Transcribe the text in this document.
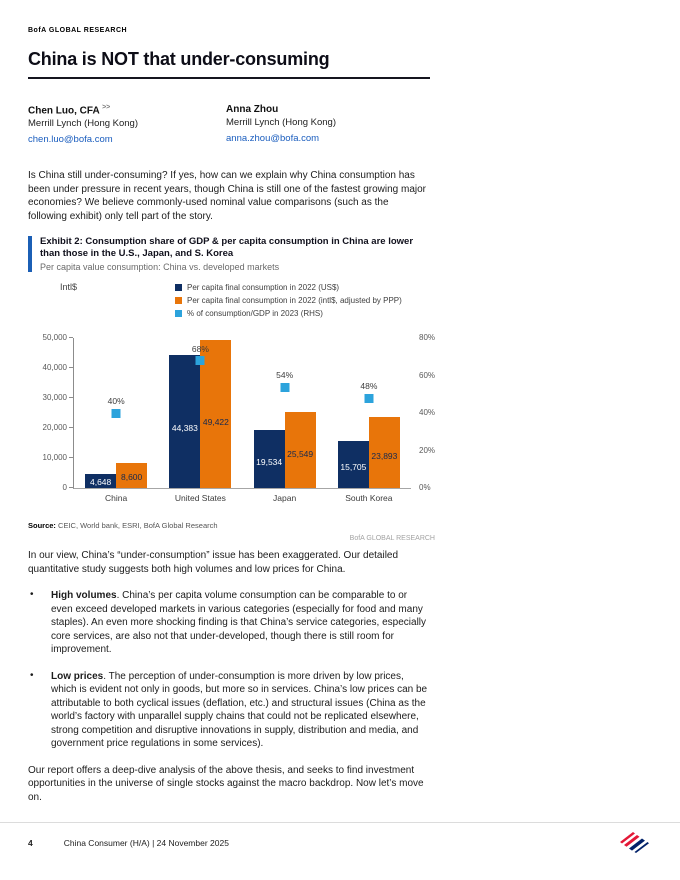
BofA GLOBAL RESEARCH
China is NOT that under-consuming
Chen Luo, CFA >>
Merrill Lynch (Hong Kong)
chen.luo@bofa.com
Anna Zhou
Merrill Lynch (Hong Kong)
anna.zhou@bofa.com

Is China still under-consuming? If yes, how can we explain why China consumption has been under pressure in recent years, though China is still one of the fastest growing major economies? We believe commonly-used nominal value comparisons (such as the following exhibit) only tell part of the story.

Exhibit 2: Consumption share of GDP & per capita consumption in China are lower than those in the U.S., Japan, and S. Korea
Per capita value consumption: China vs. developed markets
Intl$	Per capita final consumption in 2022 (US$)
Per capita final consumption in 2022 (intl$, adjusted by PPP)
% of consumption/GDP in 2023 (RHS)
4,648
8,600
40%
China
44,383
49,422
68%
United States
19,534
25,549
54%
Japan
15,705
23,893
48%
South Korea
0
10,000
20,000
30,000
40,000
50,000
0%
20%
40%
60%
80%
Source: CEIC, World bank, ESRI, BofA Global Research
BofA GLOBAL RESEARCH

In our view, China’s “under-consumption” issue has been exaggerated. Our detailed quantitative study suggests both high volumes and low prices for China.

•	High volumes. China’s per capita volume consumption can be comparable to or even exceed developed markets in various categories (especially for food and many staples). An even more shocking finding is that China’s service categories, especially core services, are also not that under-developed, though there is still room for improvement.
•	Low prices. The perception of under-consumption is more driven by low prices, which is evident not only in goods, but more so in services. China’s low prices can be attributable to both cyclical issues (deflation, etc.) and structural issues (China as the world’s factory with unparallel supply chains that could not be replicated elsewhere, strong competition and disruptive innovations in supply, distribution and media, and government price regulations in some services).

Our report offers a deep-dive analysis of the above thesis, and seeks to find investment opportunities in the universe of single stocks against the macro backdrop. Now let’s move on.

4	China Consumer (H/A) | 24 November 2025
